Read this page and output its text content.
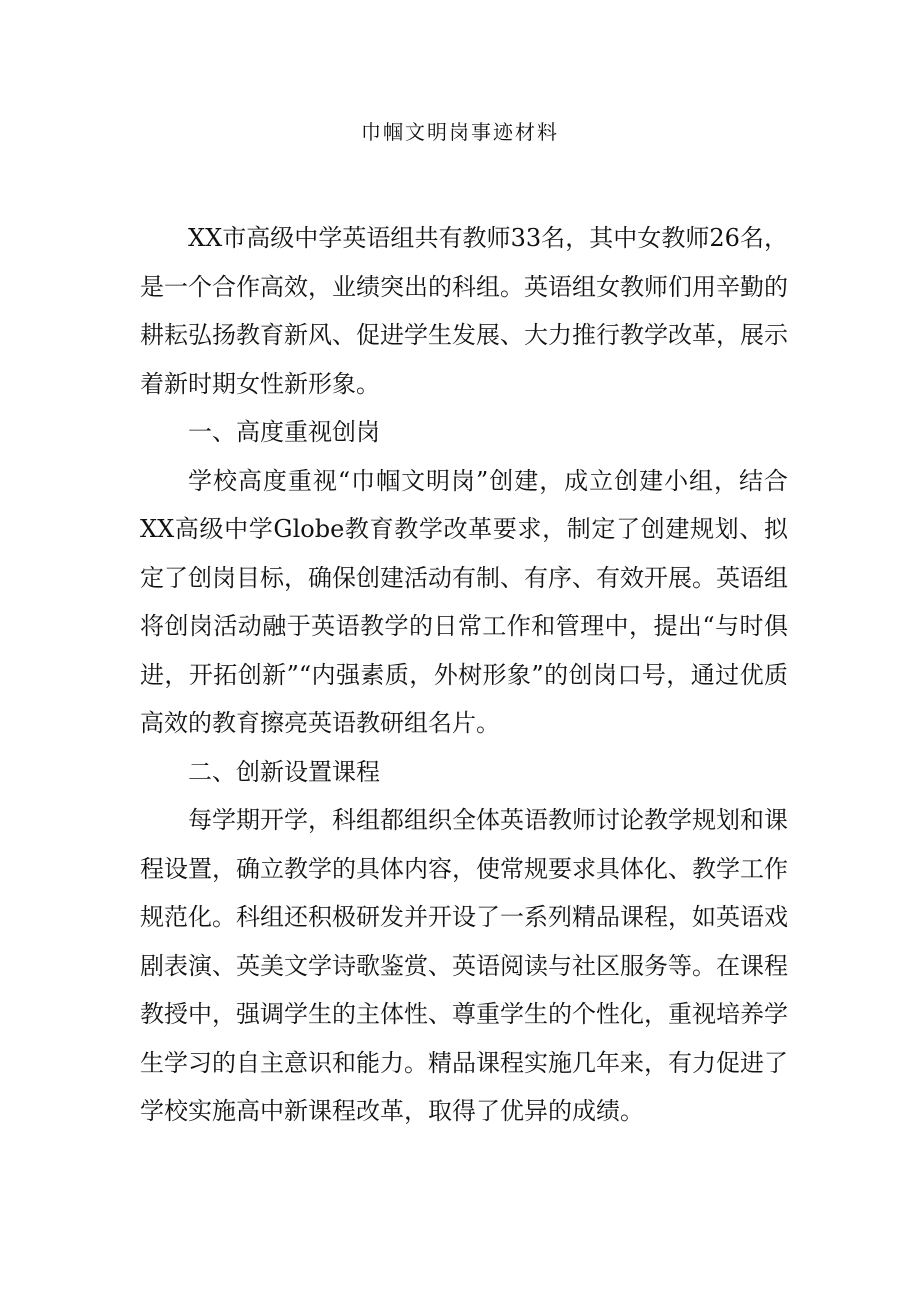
巾帼文明岗事迹材料

XX市高级中学英语组共有教师33名，其中女教师26名，是一个合作高效，业绩突出的科组。英语组女教师们用辛勤的耕耘弘扬教育新风、促进学生发展、大力推行教学改革，展示着新时期女性新形象。

一、高度重视创岗

学校高度重视“巾帼文明岗”创建，成立创建小组，结合XX高级中学Globe教育教学改革要求，制定了创建规划、拟定了创岗目标，确保创建活动有制、有序、有效开展。英语组将创岗活动融于英语教学的日常工作和管理中，提出“与时俱进，开拓创新”“内强素质，外树形象”的创岗口号，通过优质高效的教育擦亮英语教研组名片。

二、创新设置课程

每学期开学，科组都组织全体英语教师讨论教学规划和课程设置，确立教学的具体内容，使常规要求具体化、教学工作规范化。科组还积极研发并开设了一系列精品课程，如英语戏剧表演、英美文学诗歌鉴赏、英语阅读与社区服务等。在课程教授中，强调学生的主体性、尊重学生的个性化，重视培养学生学习的自主意识和能力。精品课程实施几年来，有力促进了学校实施高中新课程改革，取得了优异的成绩。
